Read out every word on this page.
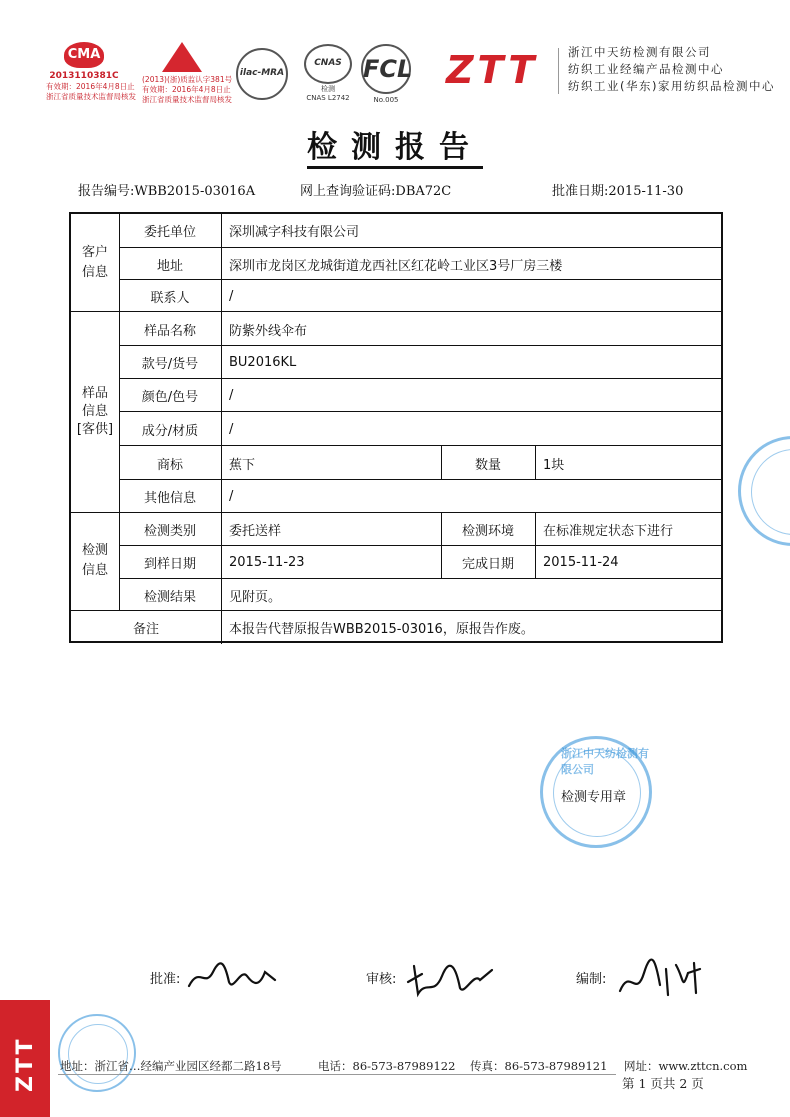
CMA
2013110381C
有效期：2016年4月8日止
浙江省质量技术监督局核发
(2013)(浙)质监认字381号
有效期：2016年4月8日止
浙江省质量技术监督局核发
ilac-MRA
CNAS
检测
CNAS L2742
FCL
No.005
ZTT	浙江中天纺检测有限公司
纺织工业经编产品检测中心
纺织工业(华东)家用纺织品检测中心
检测报告
报告编号:WBB2015-03016A	网上查询验证码:DBA72C	批准日期:2015-11-30
客户信息
样品
信息
[客供]
检测信息
委托单位	深圳减字科技有限公司
地址	深圳市龙岗区龙城街道龙西社区红花岭工业区3号厂房三楼
联系人	/
样品名称	防紫外线伞布
款号/货号	BU2016KL
颜色/色号	/
成分/材质	/
商标	蕉下	数量	1块
其他信息	/
检测类别	委托送样	检测环境	在标准规定状态下进行
到样日期	2015-11-23	完成日期	2015-11-24
检测结果	见附页。
备注	本报告代替原报告WBB2015-03016，原报告作废。
浙江中天纺检测有限公司
检测专用章
批准:	审核:	编制:
ZTT 地址：浙江省…经编产业园区经都二路18号	电话：86-573-87989122 传真：86-573-87989121 网址：www.zttcn.com
第 1 页共 2 页
